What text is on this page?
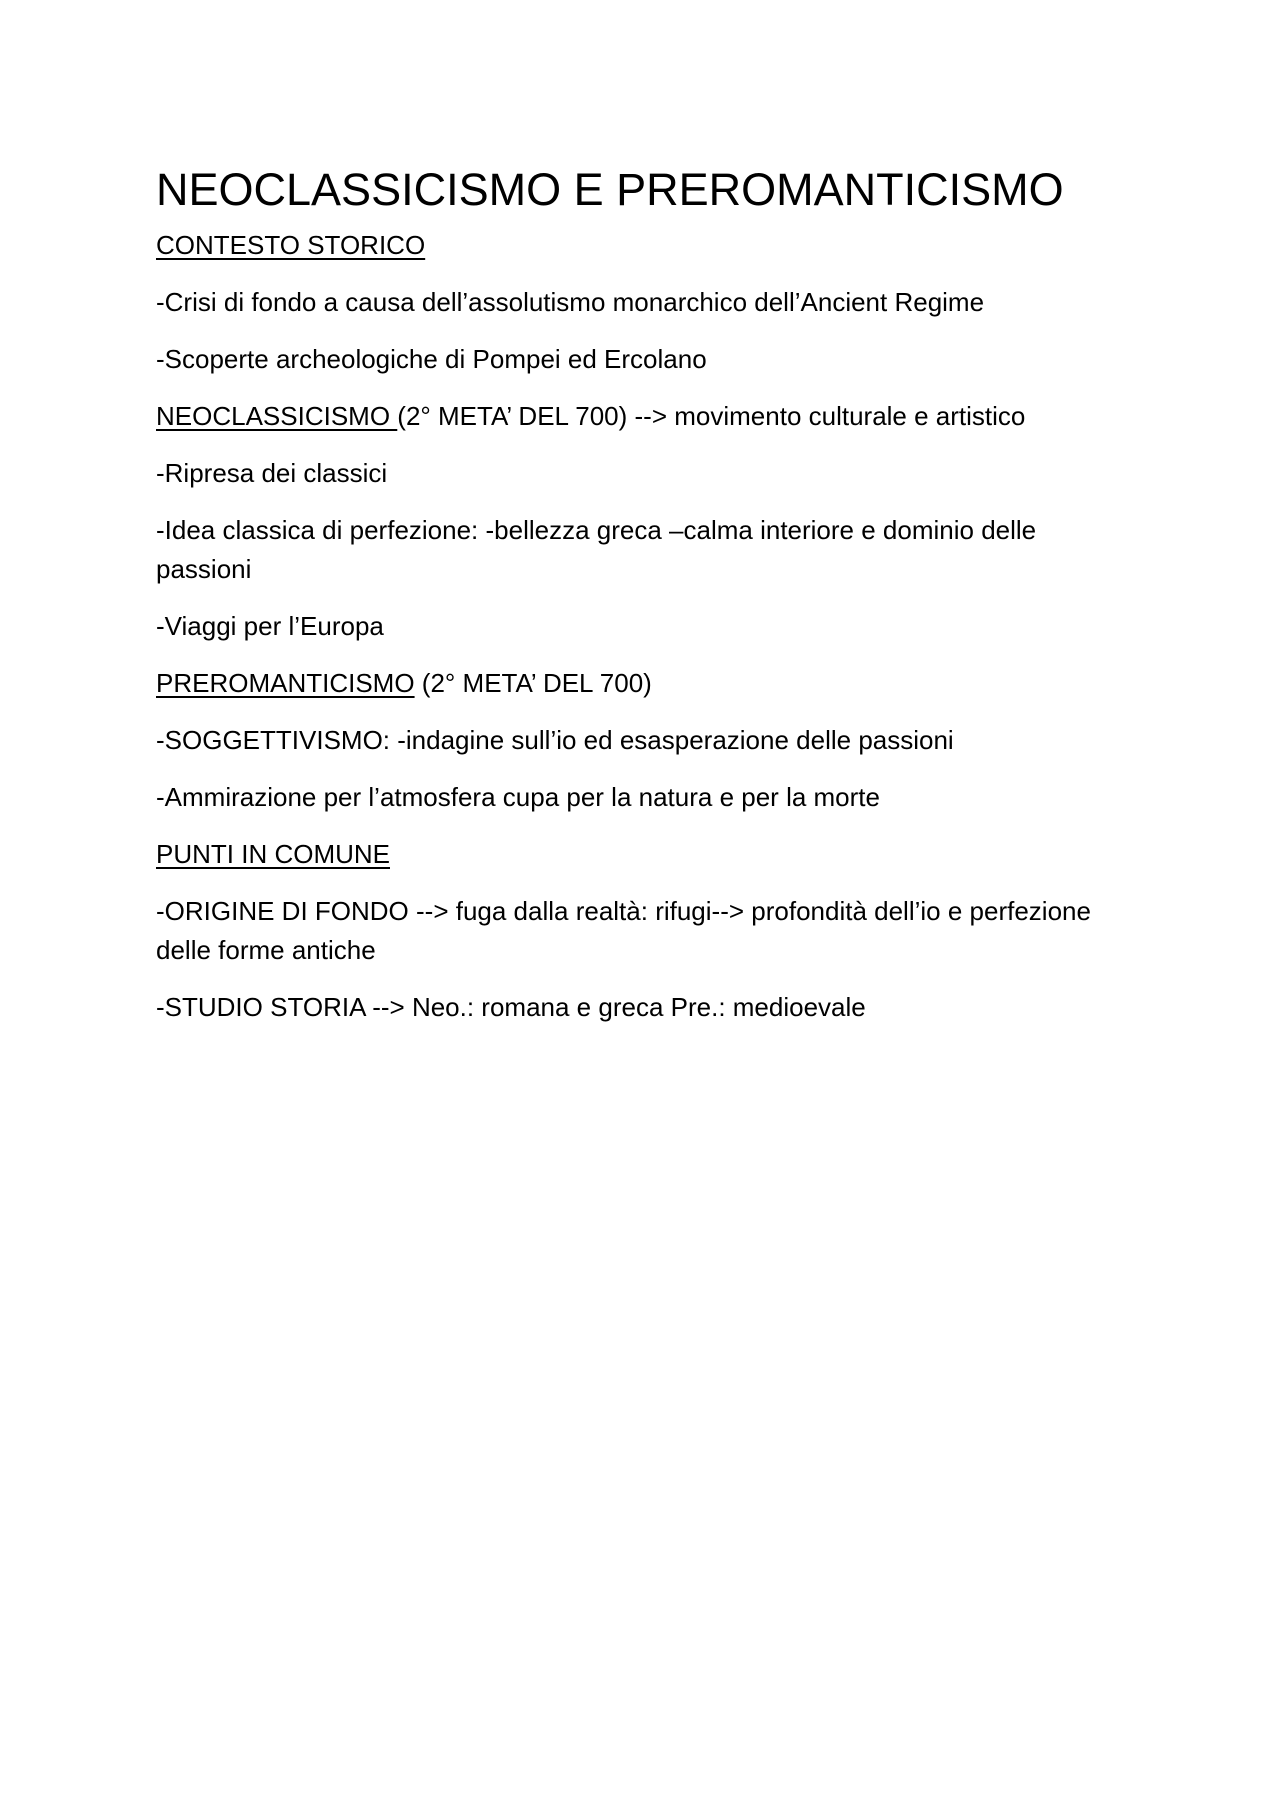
NEOCLASSICISMO E PREROMANTICISMO
CONTESTO STORICO
-Crisi di fondo a causa dell’assolutismo monarchico dell’Ancient Regime
-Scoperte archeologiche di Pompei ed Ercolano
NEOCLASSICISMO (2° META’ DEL 700) --> movimento culturale e artistico
-Ripresa dei classici
-Idea classica di perfezione: -bellezza greca –calma interiore e dominio delle passioni
-Viaggi per l’Europa
PREROMANTICISMO (2° META’ DEL 700)
-SOGGETTIVISMO: -indagine sull’io ed esasperazione delle passioni
-Ammirazione per l’atmosfera cupa per la natura e per la morte
PUNTI IN COMUNE
-ORIGINE DI FONDO --> fuga dalla realtà: rifugi--> profondità dell’io e perfezione delle forme antiche
-STUDIO STORIA --> Neo.: romana e greca Pre.: medioevale
